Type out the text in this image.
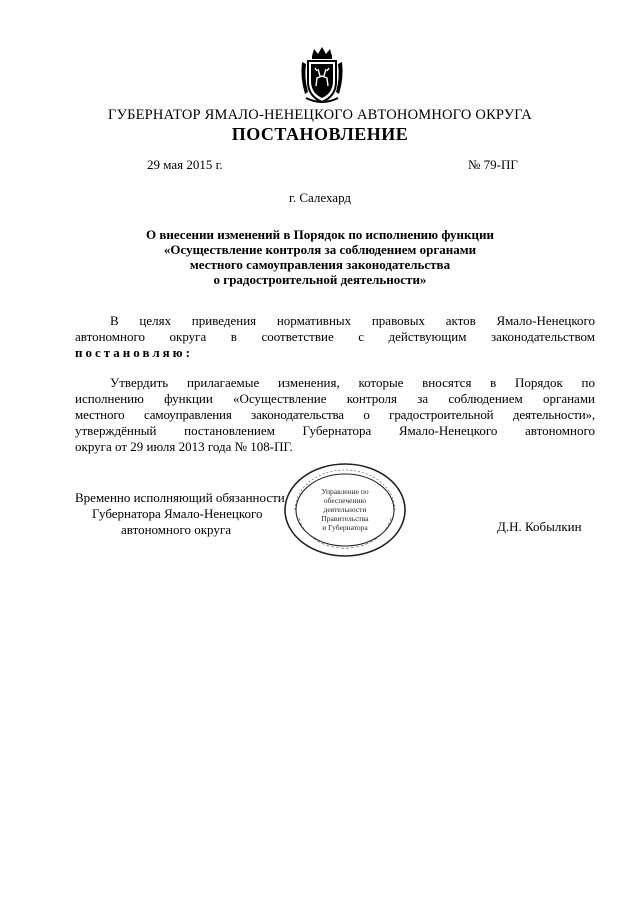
ГУБЕРНАТОР ЯМАЛО-НЕНЕЦКОГО АВТОНОМНОГО ОКРУГА
ПОСТАНОВЛЕНИЕ
29 мая 2015 г.	№ 79-ПГ
г. Салехард
О внесении изменений в Порядок по исполнению функции
«Осуществление контроля за соблюдением органами
местного самоуправления законодательства
о градостроительной деятельности»
В целях приведения нормативных правовых актов Ямало-Ненецкого
автономного округа в соответствие с действующим законодательством
постановляю:
Утвердить прилагаемые изменения, которые вносятся в Порядок по
исполнению функции «Осуществление контроля за соблюдением органами
местного самоуправления законодательства о градостроительной деятельности»,
утверждённый постановлением Губернатора Ямало-Ненецкого автономного
округа от 29 июля 2013 года № 108-ПГ.
Временно исполняющий обязанности
Губернатора Ямало-Ненецкого
автономного округа	Д.Н. Кобылкин
Управление по
обеспечению
деятельности
Правительства
и Губернатора
